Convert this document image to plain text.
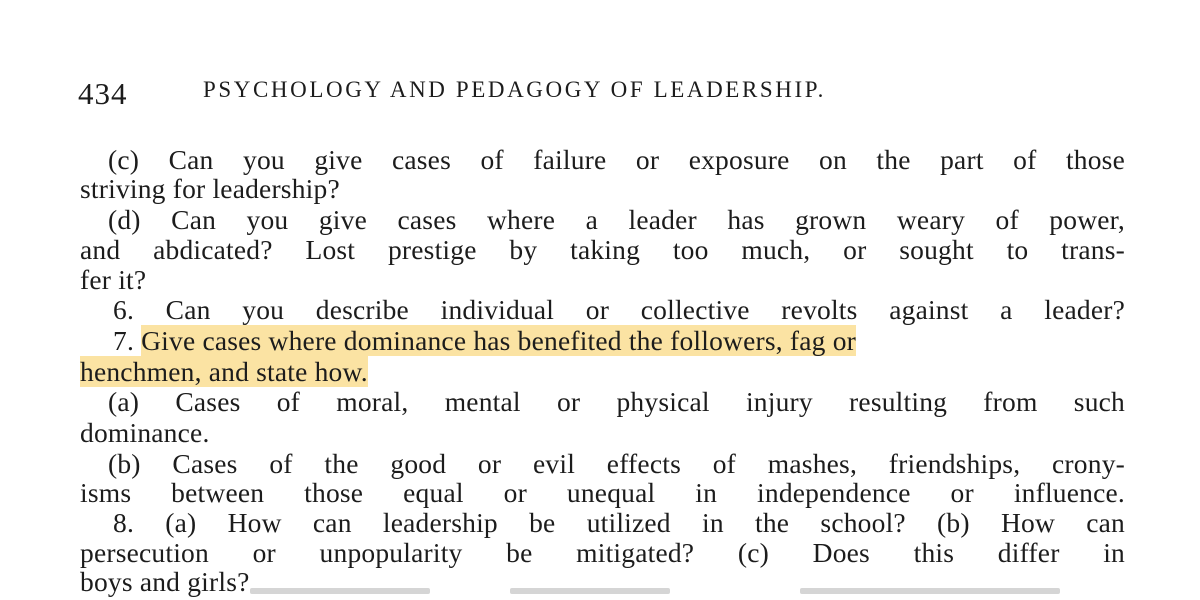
434	PSYCHOLOGY AND PEDAGOGY OF LEADERSHIP.
(c) Can you give cases of failure or exposure on the part of those
striving for leadership?
(d) Can you give cases where a leader has grown weary of power,
and abdicated? Lost prestige by taking too much, or sought to trans-
fer it?
6. Can you describe individual or collective revolts against a leader?
7. Give cases where dominance has benefited the followers, fag or
henchmen, and state how.
(a) Cases of moral, mental or physical injury resulting from such
dominance.
(b) Cases of the good or evil effects of mashes, friendships, crony-
isms between those equal or unequal in independence or influence.
8. (a) How can leadership be utilized in the school? (b) How can
persecution or unpopularity be mitigated? (c) Does this differ in
boys and girls?
